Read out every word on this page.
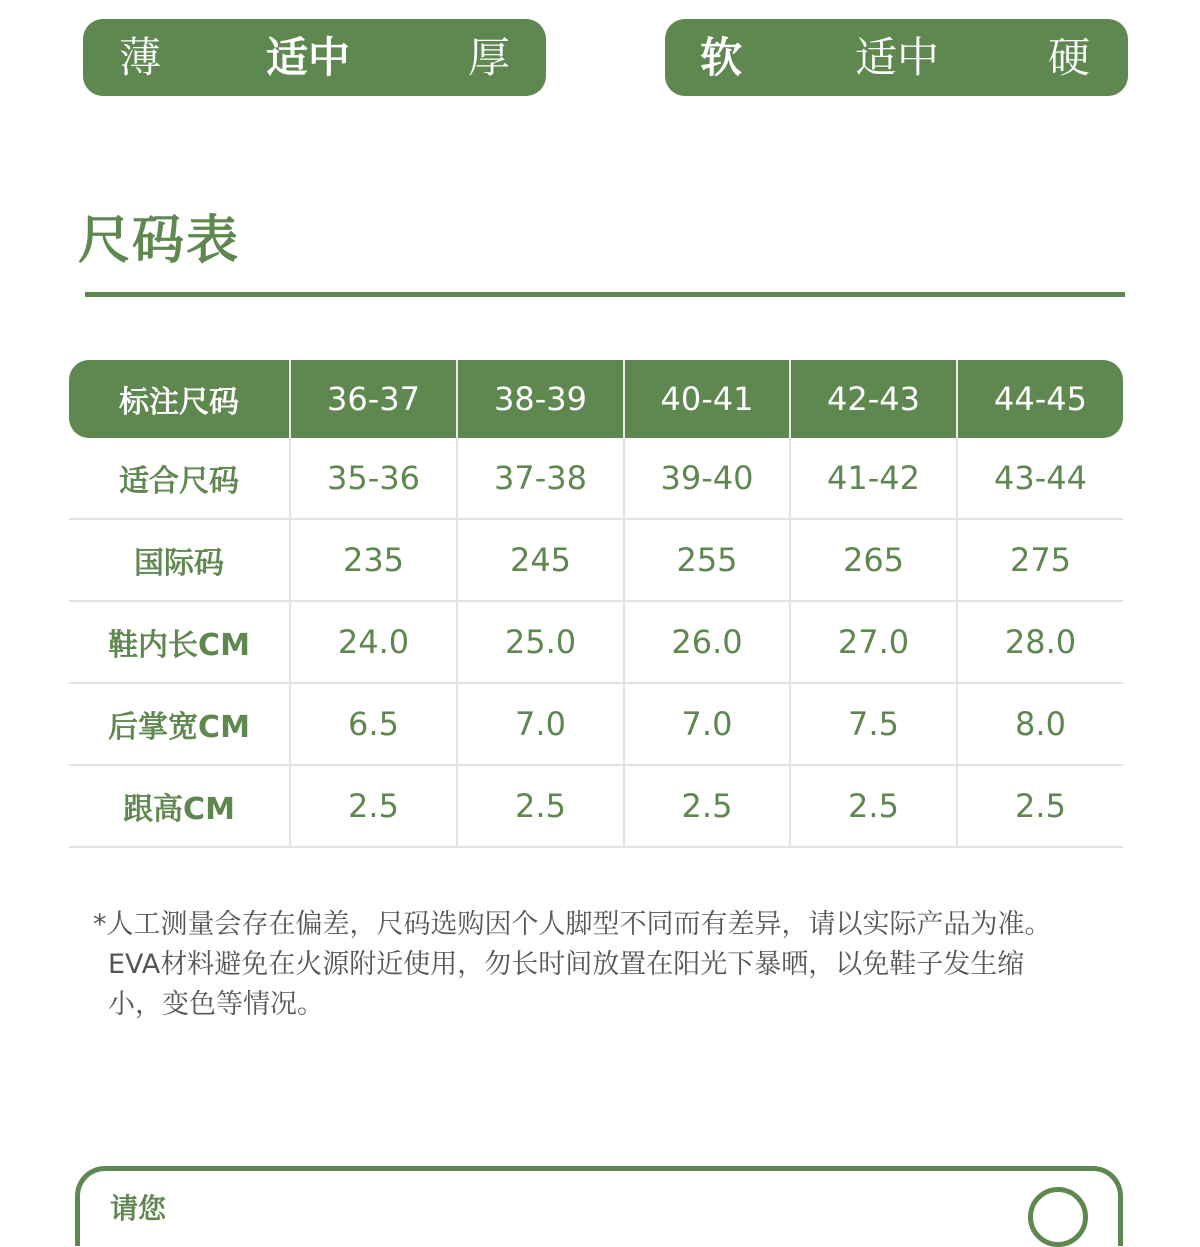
薄 适中	厚	软	适中	硬
尺码表
标注尺码	36-37	38-39	40-41	42-43	44-45
适合尺码	35-36	37-38	39-40	41-42	43-44
国际码	235	245	255	265	275
鞋内长CM	24.0	25.0	26.0	27.0	28.0
后掌宽CM	6.5	7.0	7.0	7.5	8.0
跟高CM	2.5	2.5	2.5	2.5	2.5

*人工测量会存在偏差，尺码选购因个人脚型不同而有差异，请以实际产品为准。

EVA材料避免在火源附近使用，勿长时间放置在阳光下暴晒，以免鞋子发生缩

小，变色等情况。

请您
